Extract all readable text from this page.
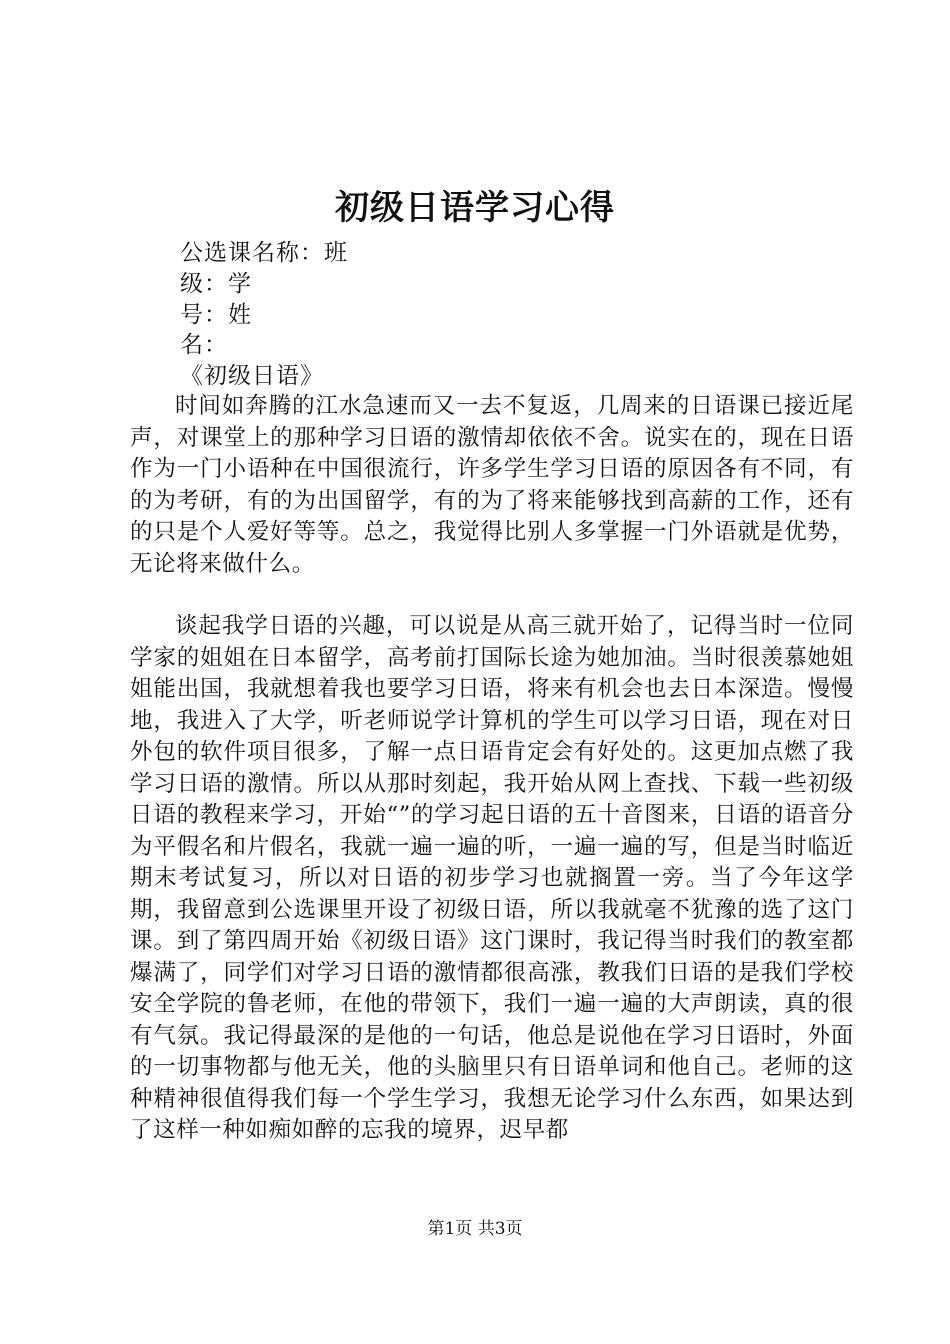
初级日语学习心得
公选课名称：班
级：学
号：姓
名：
《初级日语》

时间如奔腾的江水急速而又一去不复返，几周来的日语课已接近尾声，对课堂上的那种学习日语的激情却依依不舍。说实在的，现在日语作为一门小语种在中国很流行，许多学生学习日语的原因各有不同，有的为考研，有的为出国留学，有的为了将来能够找到高薪的工作，还有的只是个人爱好等等。总之，我觉得比别人多掌握一门外语就是优势，无论将来做什么。

谈起我学日语的兴趣，可以说是从高三就开始了，记得当时一位同学家的姐姐在日本留学，高考前打国际长途为她加油。当时很羡慕她姐姐能出国，我就想着我也要学习日语，将来有机会也去日本深造。慢慢地，我进入了大学，听老师说学计算机的学生可以学习日语，现在对日外包的软件项目很多，了解一点日语肯定会有好处的。这更加点燃了我学习日语的激情。所以从那时刻起，我开始从网上查找、下载一些初级日语的教程来学习，开始“”的学习起日语的五十音图来，日语的语音分为平假名和片假名，我就一遍一遍的听，一遍一遍的写，但是当时临近期末考试复习，所以对日语的初步学习也就搁置一旁。当了今年这学期，我留意到公选课里开设了初级日语，所以我就毫不犹豫的选了这门课。到了第四周开始《初级日语》这门课时，我记得当时我们的教室都爆满了，同学们对学习日语的激情都很高涨，教我们日语的是我们学校安全学院的鲁老师，在他的带领下，我们一遍一遍的大声朗读，真的很有气氛。我记得最深的是他的一句话，他总是说他在学习日语时，外面的一切事物都与他无关，他的头脑里只有日语单词和他自己。老师的这种精神很值得我们每一个学生学习，我想无论学习什么东西，如果达到了这样一种如痴如醉的忘我的境界，迟早都

第1页 共3页
